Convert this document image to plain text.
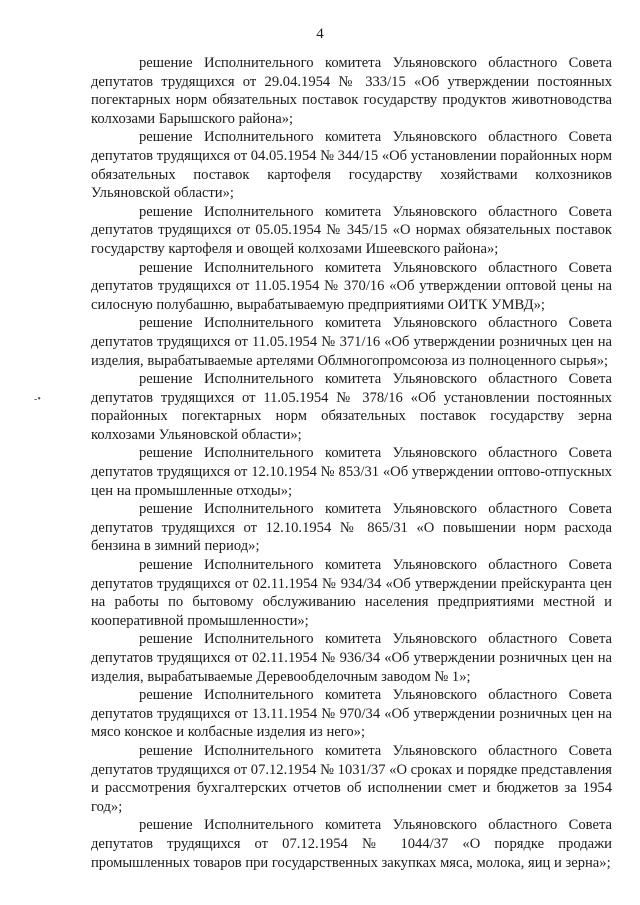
4
-•

решение Исполнительного комитета Ульяновского областного Совета депутатов трудящихся от 29.04.1954 № 333/15 «Об утверждении постоянных погектарных норм обязательных поставок государству продуктов животноводства колхозами Барышского района»;

решение Исполнительного комитета Ульяновского областного Совета депутатов трудящихся от 04.05.1954 № 344/15 «Об установлении порайонных норм обязательных поставок картофеля государству хозяйствами колхозников Ульяновской области»;

решение Исполнительного комитета Ульяновского областного Совета депутатов трудящихся от 05.05.1954 № 345/15 «О нормах обязательных поставок государству картофеля и овощей колхозами Ишеевского района»;

решение Исполнительного комитета Ульяновского областного Совета депутатов трудящихся от 11.05.1954 № 370/16 «Об утверждении оптовой цены на силосную полубашню, вырабатываемую предприятиями ОИТК УМВД»;

решение Исполнительного комитета Ульяновского областного Совета депутатов трудящихся от 11.05.1954 № 371/16 «Об утверждении розничных цен на изделия, вырабатываемые артелями Облмногопромсоюза из полноценного сырья»;

решение Исполнительного комитета Ульяновского областного Совета депутатов трудящихся от 11.05.1954 № 378/16 «Об установлении постоянных порайонных погектарных норм обязательных поставок государству зерна колхозами Ульяновской области»;

решение Исполнительного комитета Ульяновского областного Совета депутатов трудящихся от 12.10.1954 № 853/31 «Об утверждении оптово-отпускных цен на промышленные отходы»;

решение Исполнительного комитета Ульяновского областного Совета депутатов трудящихся от 12.10.1954 № 865/31 «О повышении норм расхода бензина в зимний период»;

решение Исполнительного комитета Ульяновского областного Совета депутатов трудящихся от 02.11.1954 № 934/34 «Об утверждении прейскуранта цен на работы по бытовому обслуживанию населения предприятиями местной и кооперативной промышленности»;

решение Исполнительного комитета Ульяновского областного Совета депутатов трудящихся от 02.11.1954 № 936/34 «Об утверждении розничных цен на изделия, вырабатываемые Деревообделочным заводом № 1»;

решение Исполнительного комитета Ульяновского областного Совета депутатов трудящихся от 13.11.1954 № 970/34 «Об утверждении розничных цен на мясо конское и колбасные изделия из него»;

решение Исполнительного комитета Ульяновского областного Совета депутатов трудящихся от 07.12.1954 № 1031/37 «О сроках и порядке представления и рассмотрения бухгалтерских отчетов об исполнении смет и бюджетов за 1954 год»;

решение Исполнительного комитета Ульяновского областного Совета депутатов трудящихся от 07.12.1954 № 1044/37 «О порядке продажи промышленных товаров при государственных закупках мяса, молока, яиц и зерна»;
